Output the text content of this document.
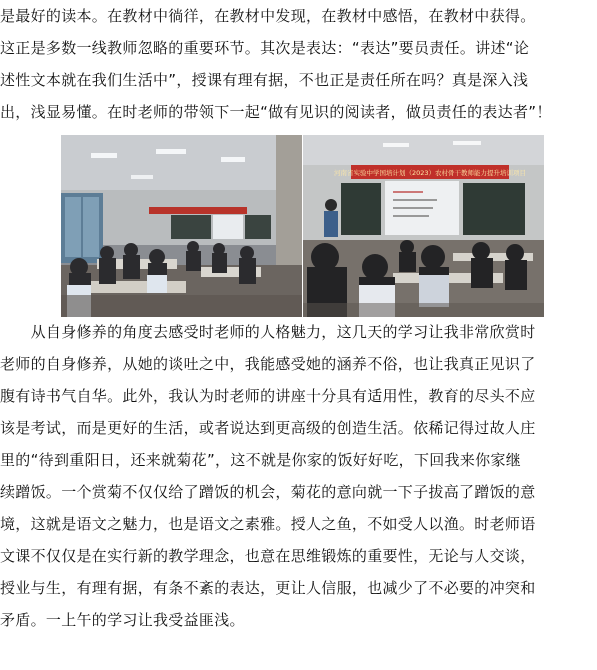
是最好的读本。在教材中徜徉，在教材中发现，在教材中感悟，在教材中获得。
这正是多数一线教师忽略的重要环节。其次是表达：“表达”要员责任。讲述“论
述性文本就在我们生活中”，授课有理有据，不也正是责任所在吗？真是深入浅
出，浅显易懂。在时老师的带领下一起“做有见识的阅读者，做员责任的表达者”！
河南省实验中学国培计划（2023）农村骨干教师能力提升培训项目
　　从自身修养的角度去感受时老师的人格魅力，这几天的学习让我非常欣赏时
老师的自身修养，从她的谈吐之中，我能感受她的涵养不俗，也让我真正见识了
腹有诗书气自华。此外，我认为时老师的讲座十分具有适用性，教育的尽头不应
该是考试，而是更好的生活，或者说达到更高级的创造生活。依稀记得过故人庄
里的“待到重阳日，还来就菊花”，这不就是你家的饭好好吃，下回我来你家继
续蹭饭。一个赏菊不仅仅给了蹭饭的机会，菊花的意向就一下子拔高了蹭饭的意
境，这就是语文之魅力，也是语文之素雅。授人之鱼，不如受人以渔。时老师语
文课不仅仅是在实行新的教学理念，也意在思维锻炼的重要性，无论与人交谈，
授业与生，有理有据，有条不紊的表达，更让人信服，也减少了不必要的冲突和
矛盾。一上午的学习让我受益匪浅。
